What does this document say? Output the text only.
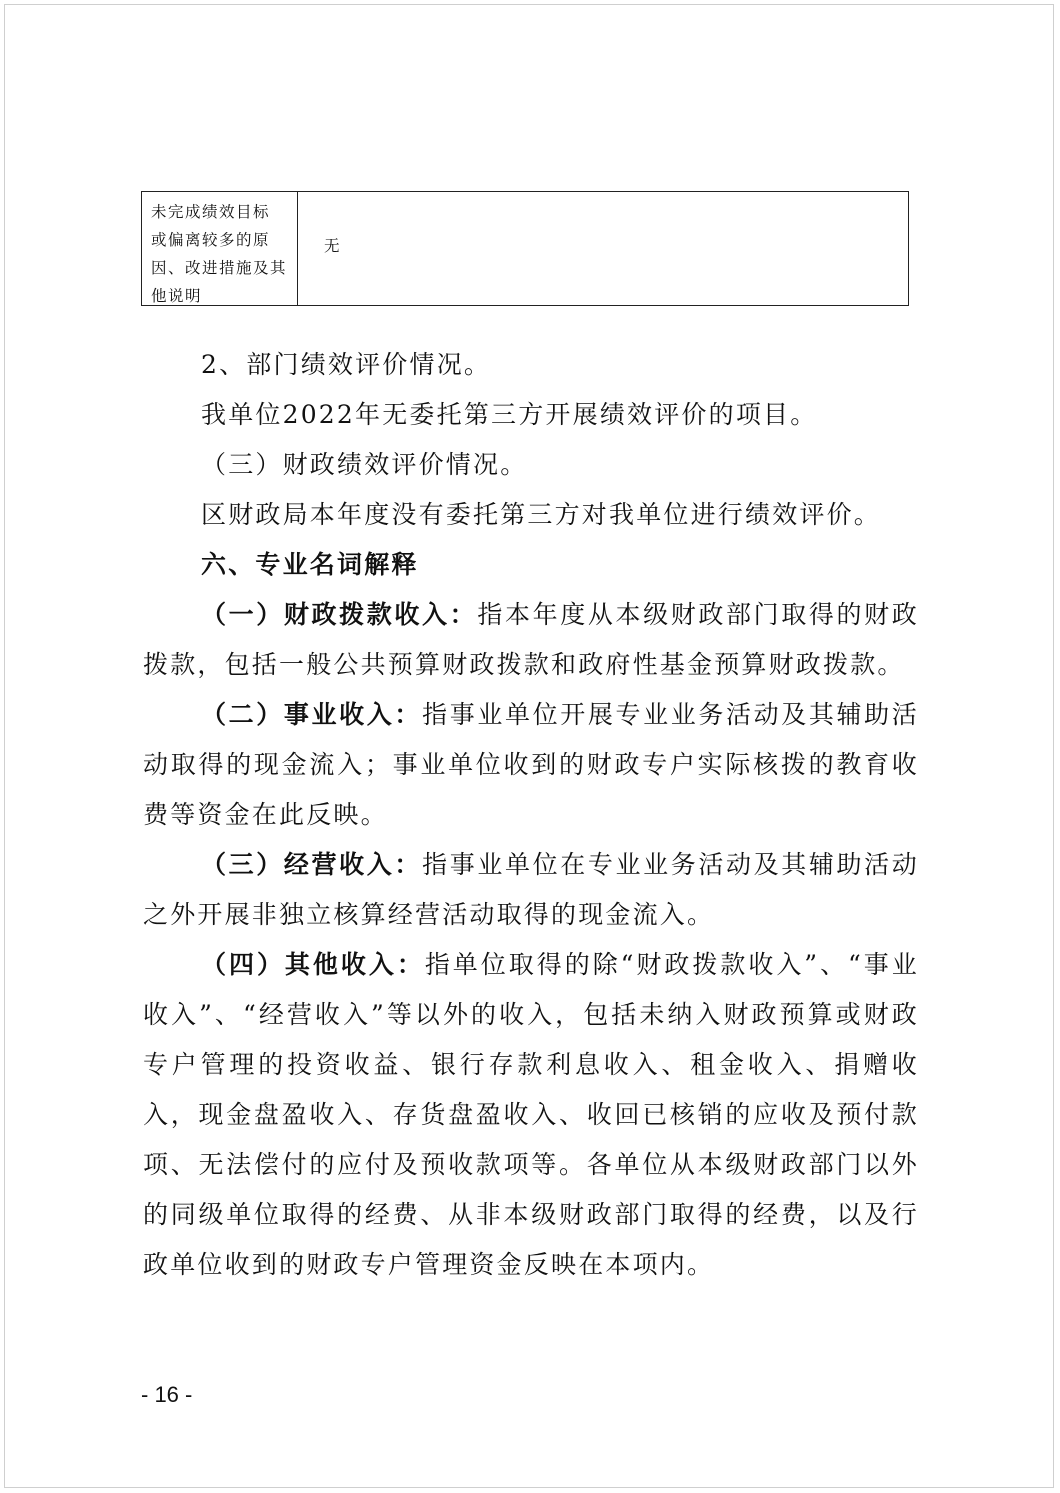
未完成绩效目标
或偏离较多的原
因、改进措施及其
他说明
无

2、部门绩效评价情况。

我单位2022年无委托第三方开展绩效评价的项目。

（三）财政绩效评价情况。

区财政局本年度没有委托第三方对我单位进行绩效评价。

六、专业名词解释

（一）财政拨款收入：指本年度从本级财政部门取得的财政拨款，包括一般公共预算财政拨款和政府性基金预算财政拨款。

（二）事业收入：指事业单位开展专业业务活动及其辅助活动取得的现金流入；事业单位收到的财政专户实际核拨的教育收费等资金在此反映。

（三）经营收入：指事业单位在专业业务活动及其辅助活动之外开展非独立核算经营活动取得的现金流入。

（四）其他收入：指单位取得的除“财政拨款收入”、“事业收入”、“经营收入”等以外的收入，包括未纳入财政预算或财政专户管理的投资收益、银行存款利息收入、租金收入、捐赠收入，现金盘盈收入、存货盘盈收入、收回已核销的应收及预付款项、无法偿付的应付及预收款项等。各单位从本级财政部门以外的同级单位取得的经费、从非本级财政部门取得的经费，以及行政单位收到的财政专户管理资金反映在本项内。

- 16 -
